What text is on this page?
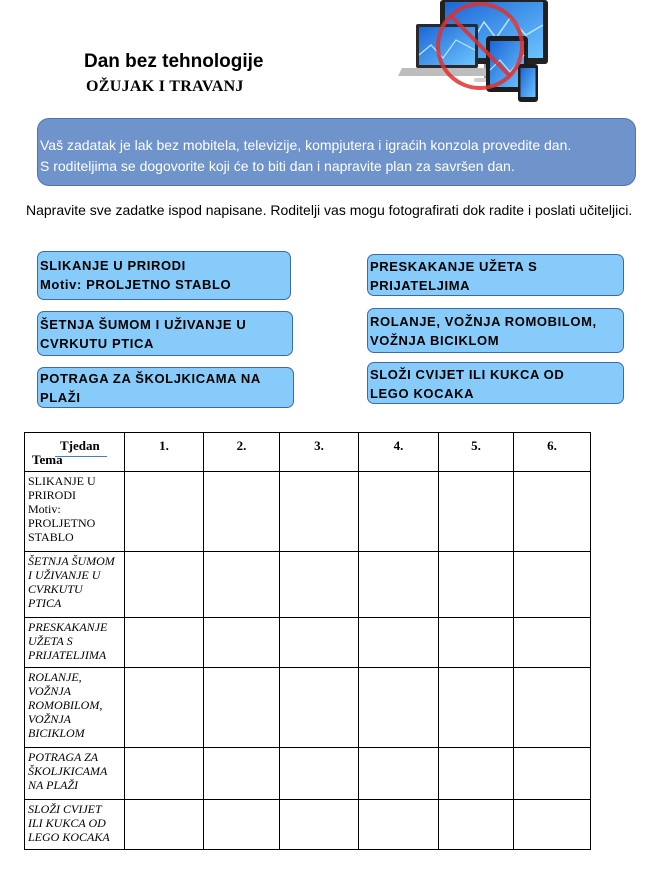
Dan bez tehnologije
OŽUJAK I TRAVANJ
Vaš zadatak je lak bez mobitela, televizije, kompjutera i igraćih konzola provedite dan.
S roditeljima se dogovorite koji će to biti dan i napravite plan za savršen dan.
Napravite sve zadatke ispod napisane. Roditelji vas mogu fotografirati dok radite i poslati učiteljici.
SLIKANJE U PRIRODI
Motiv: PROLJETNO STABLO
PRESKAKANJE UŽETA S
PRIJATELJIMA
ŠETNJA ŠUMOM I UŽIVANJE U
CVRKUTU PTICA
ROLANJE, VOŽNJA ROMOBILOM,
VOŽNJA BICIKLOM
POTRAGA ZA ŠKOLJKICAMA NA
PLAŽI
SLOŽI CVIJET ILI KUKCA OD
LEGO KOCAKA
Tjedan
Tema	1.	2.	3.	4.	5.	6.

SLIKANJE U
PRIRODI
Motiv:
PROLJETNO
STABLO						

ŠETNJA ŠUMOM
I UŽIVANJE U
CVRKUTU
PTICA						

PRESKAKANJE
UŽETA S
PRIJATELJIMA						

ROLANJE,
VOŽNJA
ROMOBILOM,
VOŽNJA
BICIKLOM						

POTRAGA ZA
ŠKOLJKICAMA
NA PLAŽI						

SLOŽI CVIJET
ILI KUKCA OD
LEGO KOCAKA						
